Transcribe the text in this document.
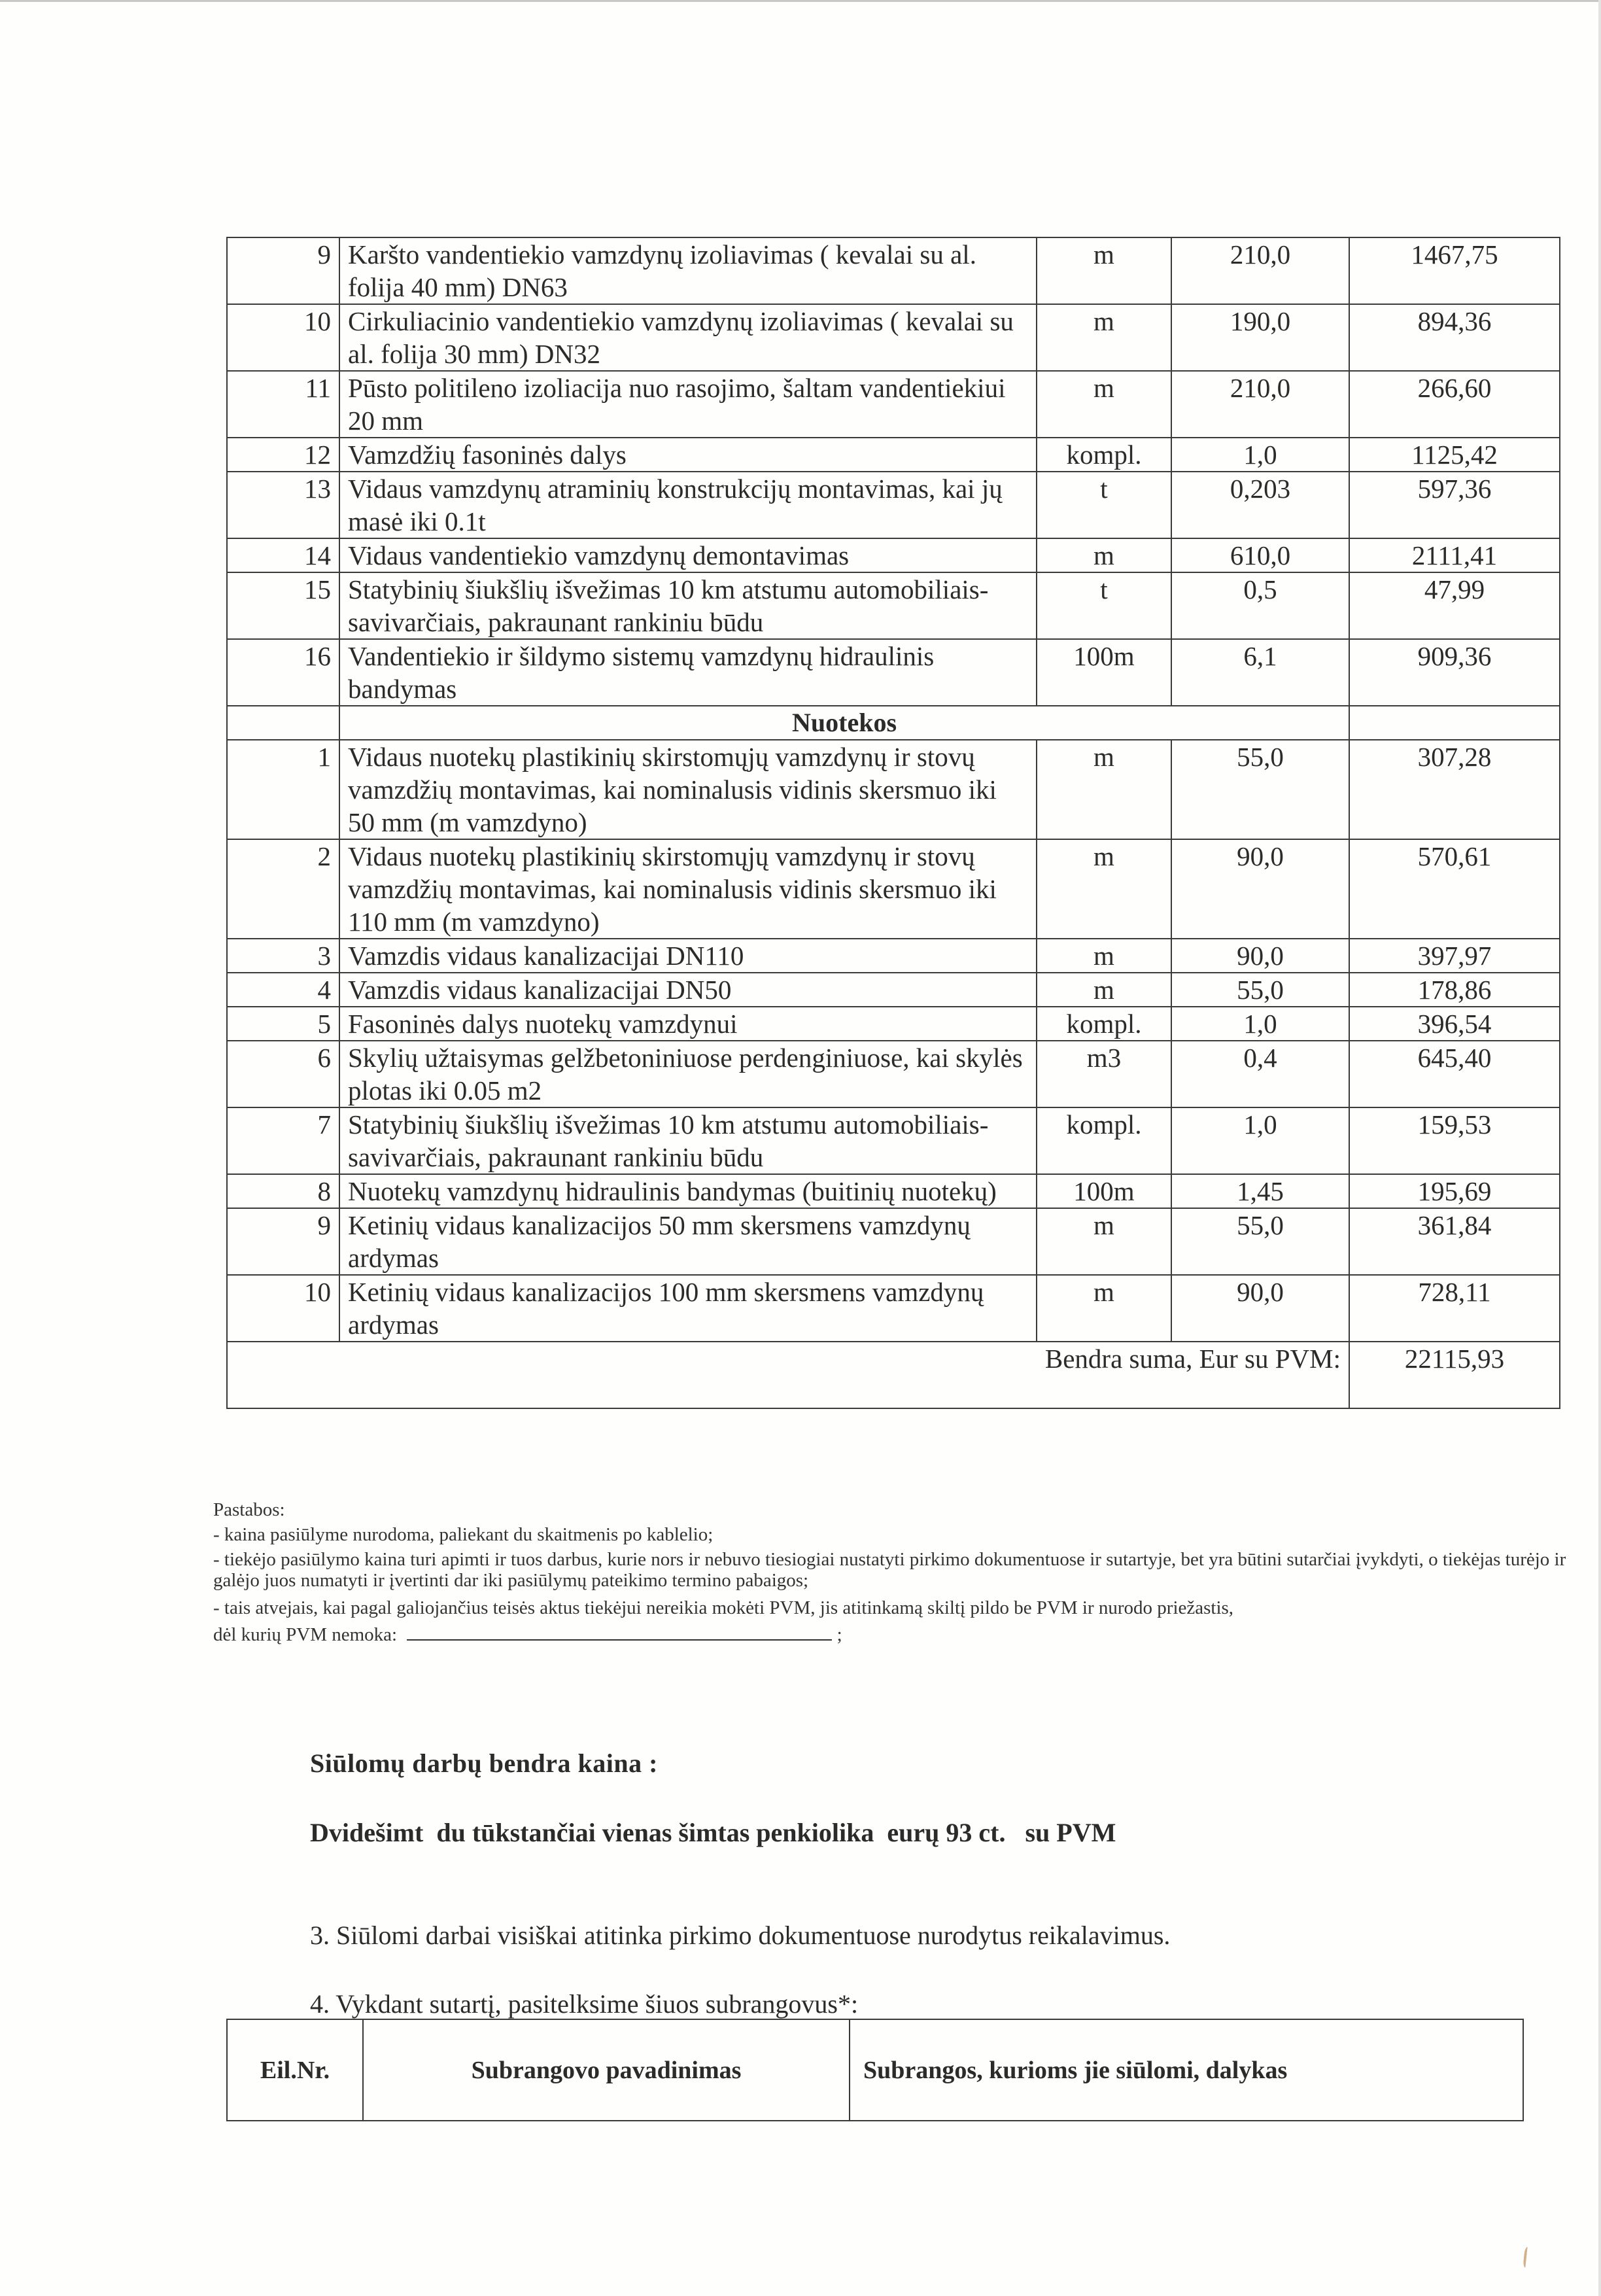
9	Karšto vandentiekio vamzdynų izoliavimas ( kevalai su al. folija 40 mm) DN63	m	210,0	1467,75
10	Cirkuliacinio vandentiekio vamzdynų izoliavimas ( kevalai su al. folija 30 mm) DN32	m	190,0	894,36
11	Pūsto politileno izoliacija nuo rasojimo, šaltam vandentiekiui 20 mm	m	210,0	266,60
12	Vamzdžių fasoninės dalys	kompl.	1,0	1125,42
13	Vidaus vamzdynų atraminių konstrukcijų montavimas, kai jų masė iki 0.1t	t	0,203	597,36
14	Vidaus vandentiekio vamzdynų demontavimas	m	610,0	2111,41
15	Statybinių šiukšlių išvežimas 10 km atstumu automobiliais-savivarčiais, pakraunant rankiniu būdu	t	0,5	47,99
16	Vandentiekio ir šildymo sistemų vamzdynų hidraulinis bandymas	100m	6,1	909,36
	Nuotekos			
1	Vidaus nuotekų plastikinių skirstomųjų vamzdynų ir stovų vamzdžių montavimas, kai nominalusis vidinis skersmuo iki 50 mm (m vamzdyno)	m	55,0	307,28
2	Vidaus nuotekų plastikinių skirstomųjų vamzdynų ir stovų vamzdžių montavimas, kai nominalusis vidinis skersmuo iki 110 mm (m vamzdyno)	m	90,0	570,61
3	Vamzdis vidaus kanalizacijai DN110	m	90,0	397,97
4	Vamzdis vidaus kanalizacijai DN50	m	55,0	178,86
5	Fasoninės dalys nuotekų vamzdynui	kompl.	1,0	396,54
6	Skylių užtaisymas gelžbetoniniuose perdenginiuose, kai skylės plotas iki 0.05 m2	m3	0,4	645,40
7	Statybinių šiukšlių išvežimas 10 km atstumu automobiliais-savivarčiais, pakraunant rankiniu būdu	kompl.	1,0	159,53
8	Nuotekų vamzdynų hidraulinis bandymas (buitinių nuotekų)	100m	1,45	195,69
9	Ketinių vidaus kanalizacijos 50 mm skersmens vamzdynų ardymas	m	55,0	361,84
10	Ketinių vidaus kanalizacijos 100 mm skersmens vamzdynų ardymas	m	90,0	728,11
Bendra suma, Eur su PVM:				22115,93

Pastabos:

- kaina pasiūlyme nurodoma, paliekant du skaitmenis po kablelio;

- tiekėjo pasiūlymo kaina turi apimti ir tuos darbus, kurie nors ir nebuvo tiesiogiai nustatyti pirkimo dokumentuose ir sutartyje, bet yra būtini sutarčiai įvykdyti, o tiekėjas turėjo ir galėjo juos numatyti ir įvertinti dar iki pasiūlymų pateikimo termino pabaigos;

- tais atvejais, kai pagal galiojančius teisės aktus tiekėjui nereikia mokėti PVM, jis atitinkamą skiltį pildo be PVM ir nurodo priežastis,

dėl kurių PVM nemoka:	;

Siūlomų darbų bendra kaina :
Dvidešimt  du tūkstančiai vienas šimtas penkiolika  eurų 93 ct.   su PVM
3. Siūlomi darbai visiškai atitinka pirkimo dokumentuose nurodytus reikalavimus.
4. Vykdant sutartį, pasitelksime šiuos subrangovus*:
Eil.Nr.	Subrangovo pavadinimas	Subrangos, kurioms jie siūlomi, dalykas
